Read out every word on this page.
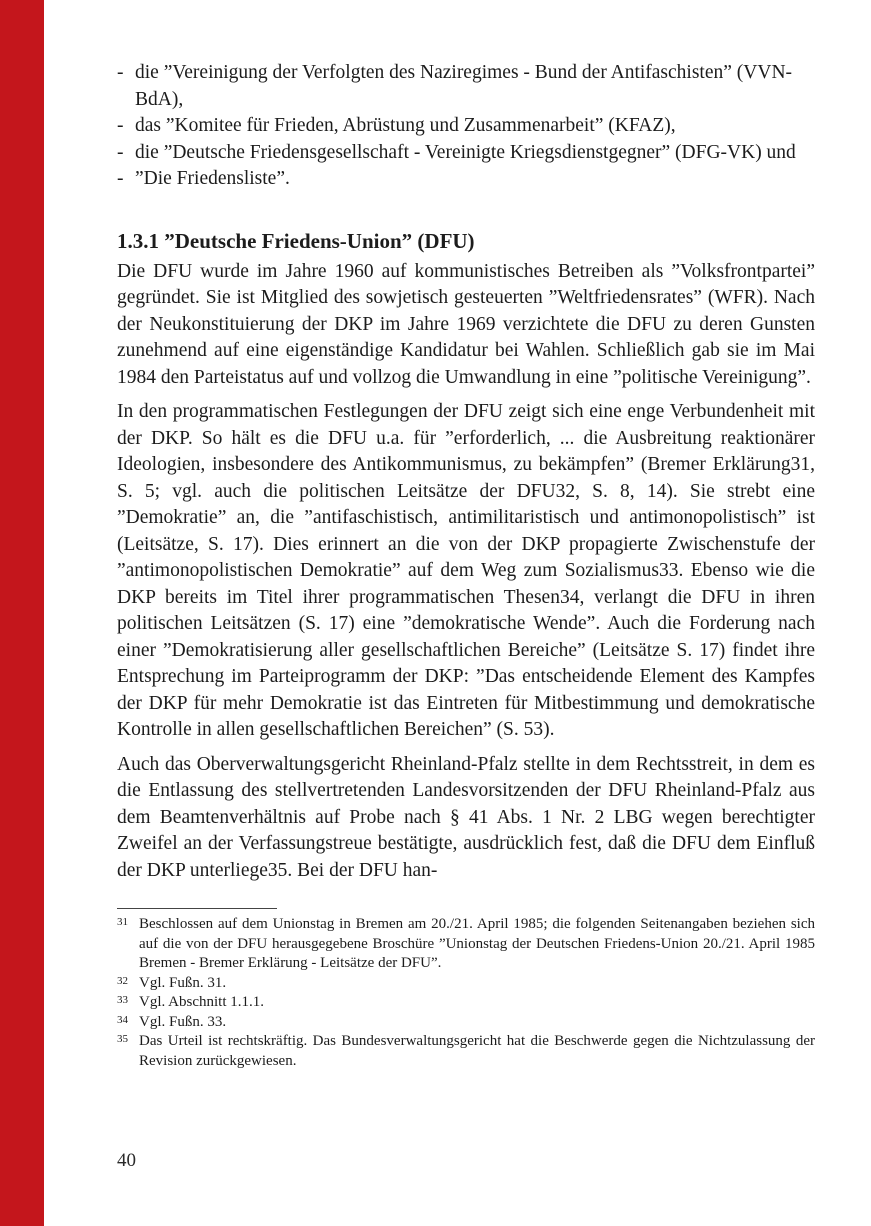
- die ”Vereinigung der Verfolgten des Naziregimes - Bund der Antifaschisten” (VVN-BdA),
- das ”Komitee für Frieden, Abrüstung und Zusammenarbeit” (KFAZ),
- die ”Deutsche Friedensgesellschaft - Vereinigte Kriegsdienstgegner” (DFG-VK) und
- ”Die Friedensliste”.
1.3.1 ”Deutsche Friedens-Union” (DFU)

Die DFU wurde im Jahre 1960 auf kommunistisches Betreiben als ”Volksfrontpartei” gegründet. Sie ist Mitglied des sowjetisch gesteuerten ”Weltfriedensrates” (WFR). Nach der Neukonstituierung der DKP im Jahre 1969 verzichtete die DFU zu deren Gunsten zunehmend auf eine eigenständige Kandidatur bei Wahlen. Schließlich gab sie im Mai 1984 den Parteistatus auf und vollzog die Umwandlung in eine ”politische Vereinigung”.

In den programmatischen Festlegungen der DFU zeigt sich eine enge Verbundenheit mit der DKP. So hält es die DFU u.a. für ”erforderlich, ... die Ausbreitung reaktionärer Ideologien, insbesondere des Antikommunismus, zu bekämpfen” (Bremer Erklärung31, S. 5; vgl. auch die politischen Leitsätze der DFU32, S. 8, 14). Sie strebt eine ”Demokratie” an, die ”antifaschistisch, antimilitaristisch und antimonopolistisch” ist (Leitsätze, S. 17). Dies erinnert an die von der DKP propagierte Zwischenstufe der ”antimonopolistischen Demokratie” auf dem Weg zum Sozialismus33. Ebenso wie die DKP bereits im Titel ihrer programmatischen Thesen34, verlangt die DFU in ihren politischen Leitsätzen (S. 17) eine ”demokratische Wende”. Auch die Forderung nach einer ”Demokratisierung aller gesellschaftlichen Bereiche” (Leitsätze S. 17) findet ihre Entsprechung im Parteiprogramm der DKP: ”Das entscheidende Element des Kampfes der DKP für mehr Demokratie ist das Eintreten für Mitbestimmung und demokratische Kontrolle in allen gesellschaftlichen Bereichen” (S. 53).

Auch das Oberverwaltungsgericht Rheinland-Pfalz stellte in dem Rechtsstreit, in dem es die Entlassung des stellvertretenden Landesvorsitzenden der DFU Rheinland-Pfalz aus dem Beamtenverhältnis auf Probe nach § 41 Abs. 1 Nr. 2 LBG wegen berechtigter Zweifel an der Verfassungstreue bestätigte, ausdrücklich fest, daß die DFU dem Einfluß der DKP unterliege35. Bei der DFU han-

31 Beschlossen auf dem Unionstag in Bremen am 20./21. April 1985; die folgenden Seitenangaben beziehen sich auf die von der DFU herausgegebene Broschüre ”Unionstag der Deutschen Friedens-Union 20./21. April 1985 Bremen - Bremer Erklärung - Leitsätze der DFU”.
32 Vgl. Fußn. 31.
33 Vgl. Abschnitt 1.1.1.
34 Vgl. Fußn. 33.
35 Das Urteil ist rechtskräftig. Das Bundesverwaltungsgericht hat die Beschwerde gegen die Nichtzulassung der Revision zurückgewiesen.
40
